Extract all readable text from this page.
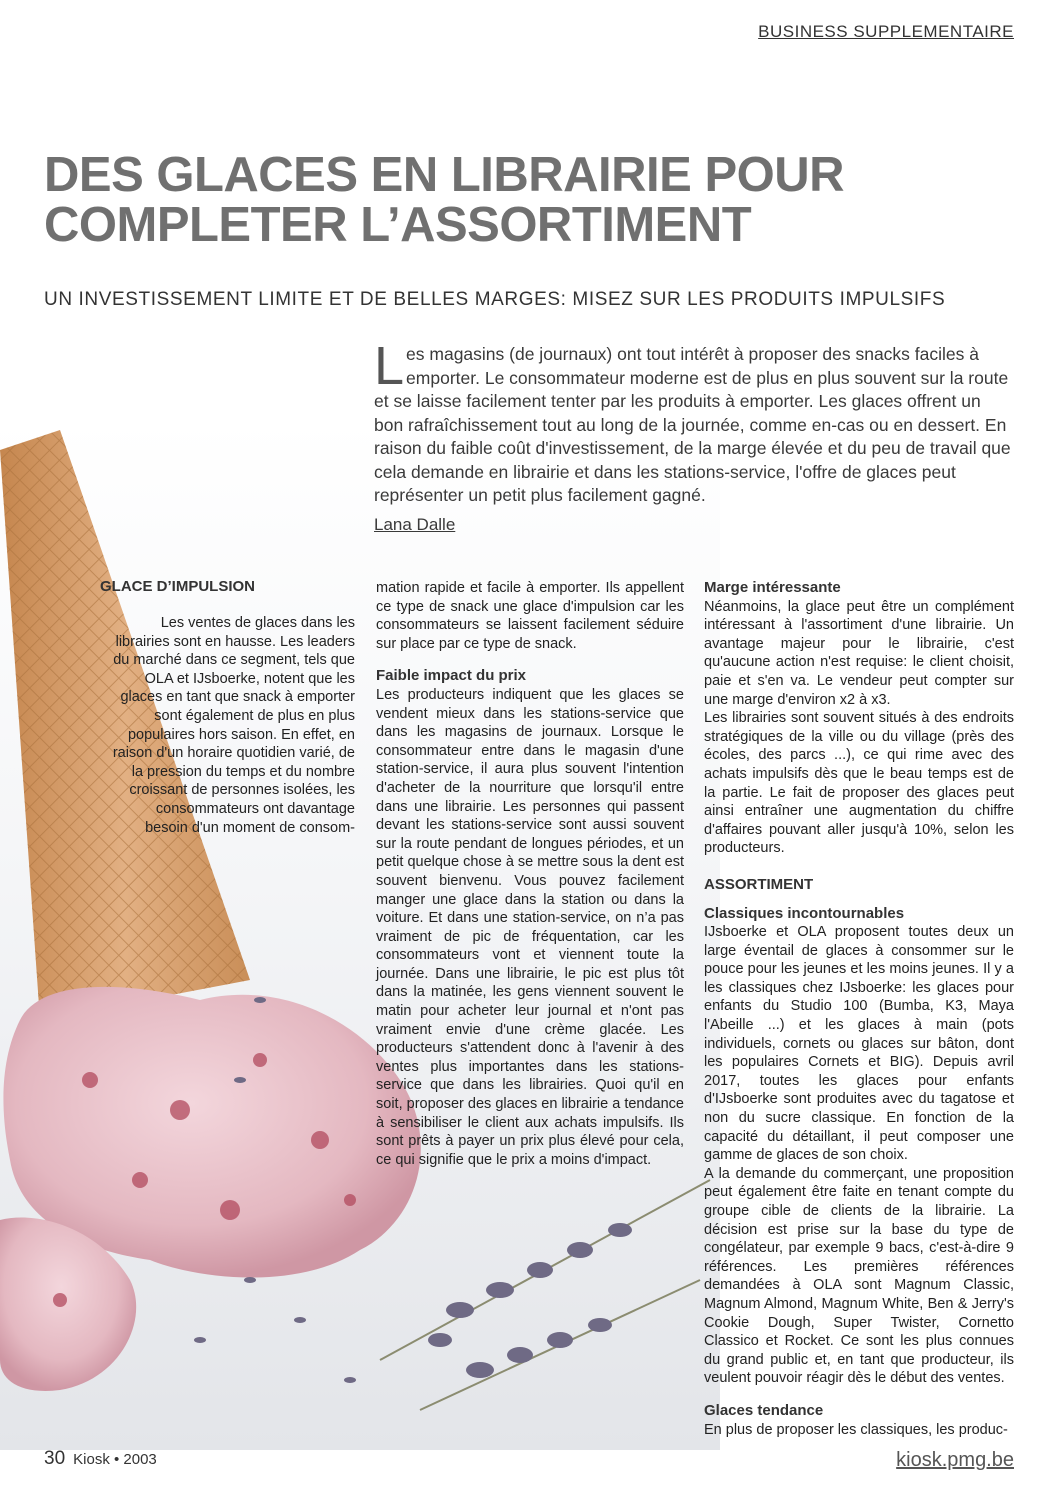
BUSINESS SUPPLEMENTAIRE
DES GLACES EN LIBRAIRIE POUR COMPLETER L’ASSORTIMENT
UN INVESTISSEMENT LIMITE ET DE BELLES MARGES: MISEZ SUR LES PRODUITS IMPULSIFS
Les magasins (de journaux) ont tout intérêt à proposer des snacks faciles à emporter. Le consommateur moderne est de plus en plus souvent sur la route et se laisse facilement tenter par les produits à emporter. Les glaces offrent un bon rafraîchissement tout au long de la journée, comme en-cas ou en dessert. En raison du faible coût d'investissement, de la marge élevée et du peu de travail que cela demande en librairie et dans les stations-service, l'offre de glaces peut représenter un petit plus facilement gagné.
Lana Dalle
GLACE D’IMPULSION

Les ventes de glaces dans les librairies sont en hausse. Les leaders du marché dans ce segment, tels que OLA et IJsboerke, notent que les glaces en tant que snack à emporter sont également de plus en plus populaires hors saison. En effet, en raison d'un horaire quotidien varié, de la pression du temps et du nombre croissant de personnes isolées, les consommateurs ont davantage besoin d'un moment de consom-

mation rapide et facile à emporter. Ils appellent ce type de snack une glace d'impulsion car les consommateurs se laissent facilement séduire sur place par ce type de snack.

Faible impact du prix

Les producteurs indiquent que les glaces se vendent mieux dans les stations-service que dans les magasins de journaux. Lorsque le consommateur entre dans le magasin d'une station-service, il aura plus souvent l'intention d'acheter de la nourriture que lorsqu'il entre dans une librairie. Les personnes qui passent devant les stations-service sont aussi souvent sur la route pendant de longues périodes, et un petit quelque chose à se mettre sous la dent est souvent bienvenu. Vous pouvez facilement manger une glace dans la station ou dans la voiture. Et dans une station-service, on n’a pas vraiment de pic de fréquentation, car les consommateurs vont et viennent toute la journée. Dans une librairie, le pic est plus tôt dans la matinée, les gens viennent souvent le matin pour acheter leur journal et n'ont pas vraiment envie d'une crème glacée. Les producteurs s'attendent donc à l'avenir à des ventes plus importantes dans les stations-service que dans les librairies. Quoi qu'il en soit, proposer des glaces en librairie a tendance à sensibiliser le client aux achats impulsifs. Ils sont prêts à payer un prix plus élevé pour cela, ce qui signifie que le prix a moins d'impact.

Marge intéressante

Néanmoins, la glace peut être un complément intéressant à l'assortiment d'une librairie. Un avantage majeur pour le librairie, c'est qu'aucune action n'est requise: le client choisit, paie et s'en va. Le vendeur peut compter sur une marge d'environ x2 à x3.

Les librairies sont souvent situés à des endroits stratégiques de la ville ou du village (près des écoles, des parcs ...), ce qui rime avec des achats impulsifs dès que le beau temps est de la partie. Le fait de proposer des glaces peut ainsi entraîner une augmentation du chiffre d'affaires pouvant aller jusqu'à 10%, selon les producteurs.

ASSORTIMENT
Classiques incontournables

IJsboerke et OLA proposent toutes deux un large éventail de glaces à consommer sur le pouce pour les jeunes et les moins jeunes. Il y a les classiques chez IJsboerke: les glaces pour enfants du Studio 100 (Bumba, K3, Maya l'Abeille ...) et les glaces à main (pots individuels, cornets ou glaces sur bâton, dont les populaires Cornets et BIG). Depuis avril 2017, toutes les glaces pour enfants d'IJsboerke sont produites avec du tagatose et non du sucre classique. En fonction de la capacité du détaillant, il peut composer une gamme de glaces de son choix.

A la demande du commerçant, une proposition peut également être faite en tenant compte du groupe cible de clients de la librairie. La décision est prise sur la base du type de congélateur, par exemple 9 bacs, c'est-à-dire 9 références. Les premières références demandées à OLA sont Magnum Classic, Magnum Almond, Magnum White, Ben & Jerry's Cookie Dough, Super Twister, Cornetto Classico et Rocket. Ce sont les plus connues du grand public et, en tant que producteur, ils veulent pouvoir réagir dès le début des ventes.

Glaces tendance

En plus de proposer les classiques, les produc-

30 Kiosk • 2003	kiosk.pmg.be
